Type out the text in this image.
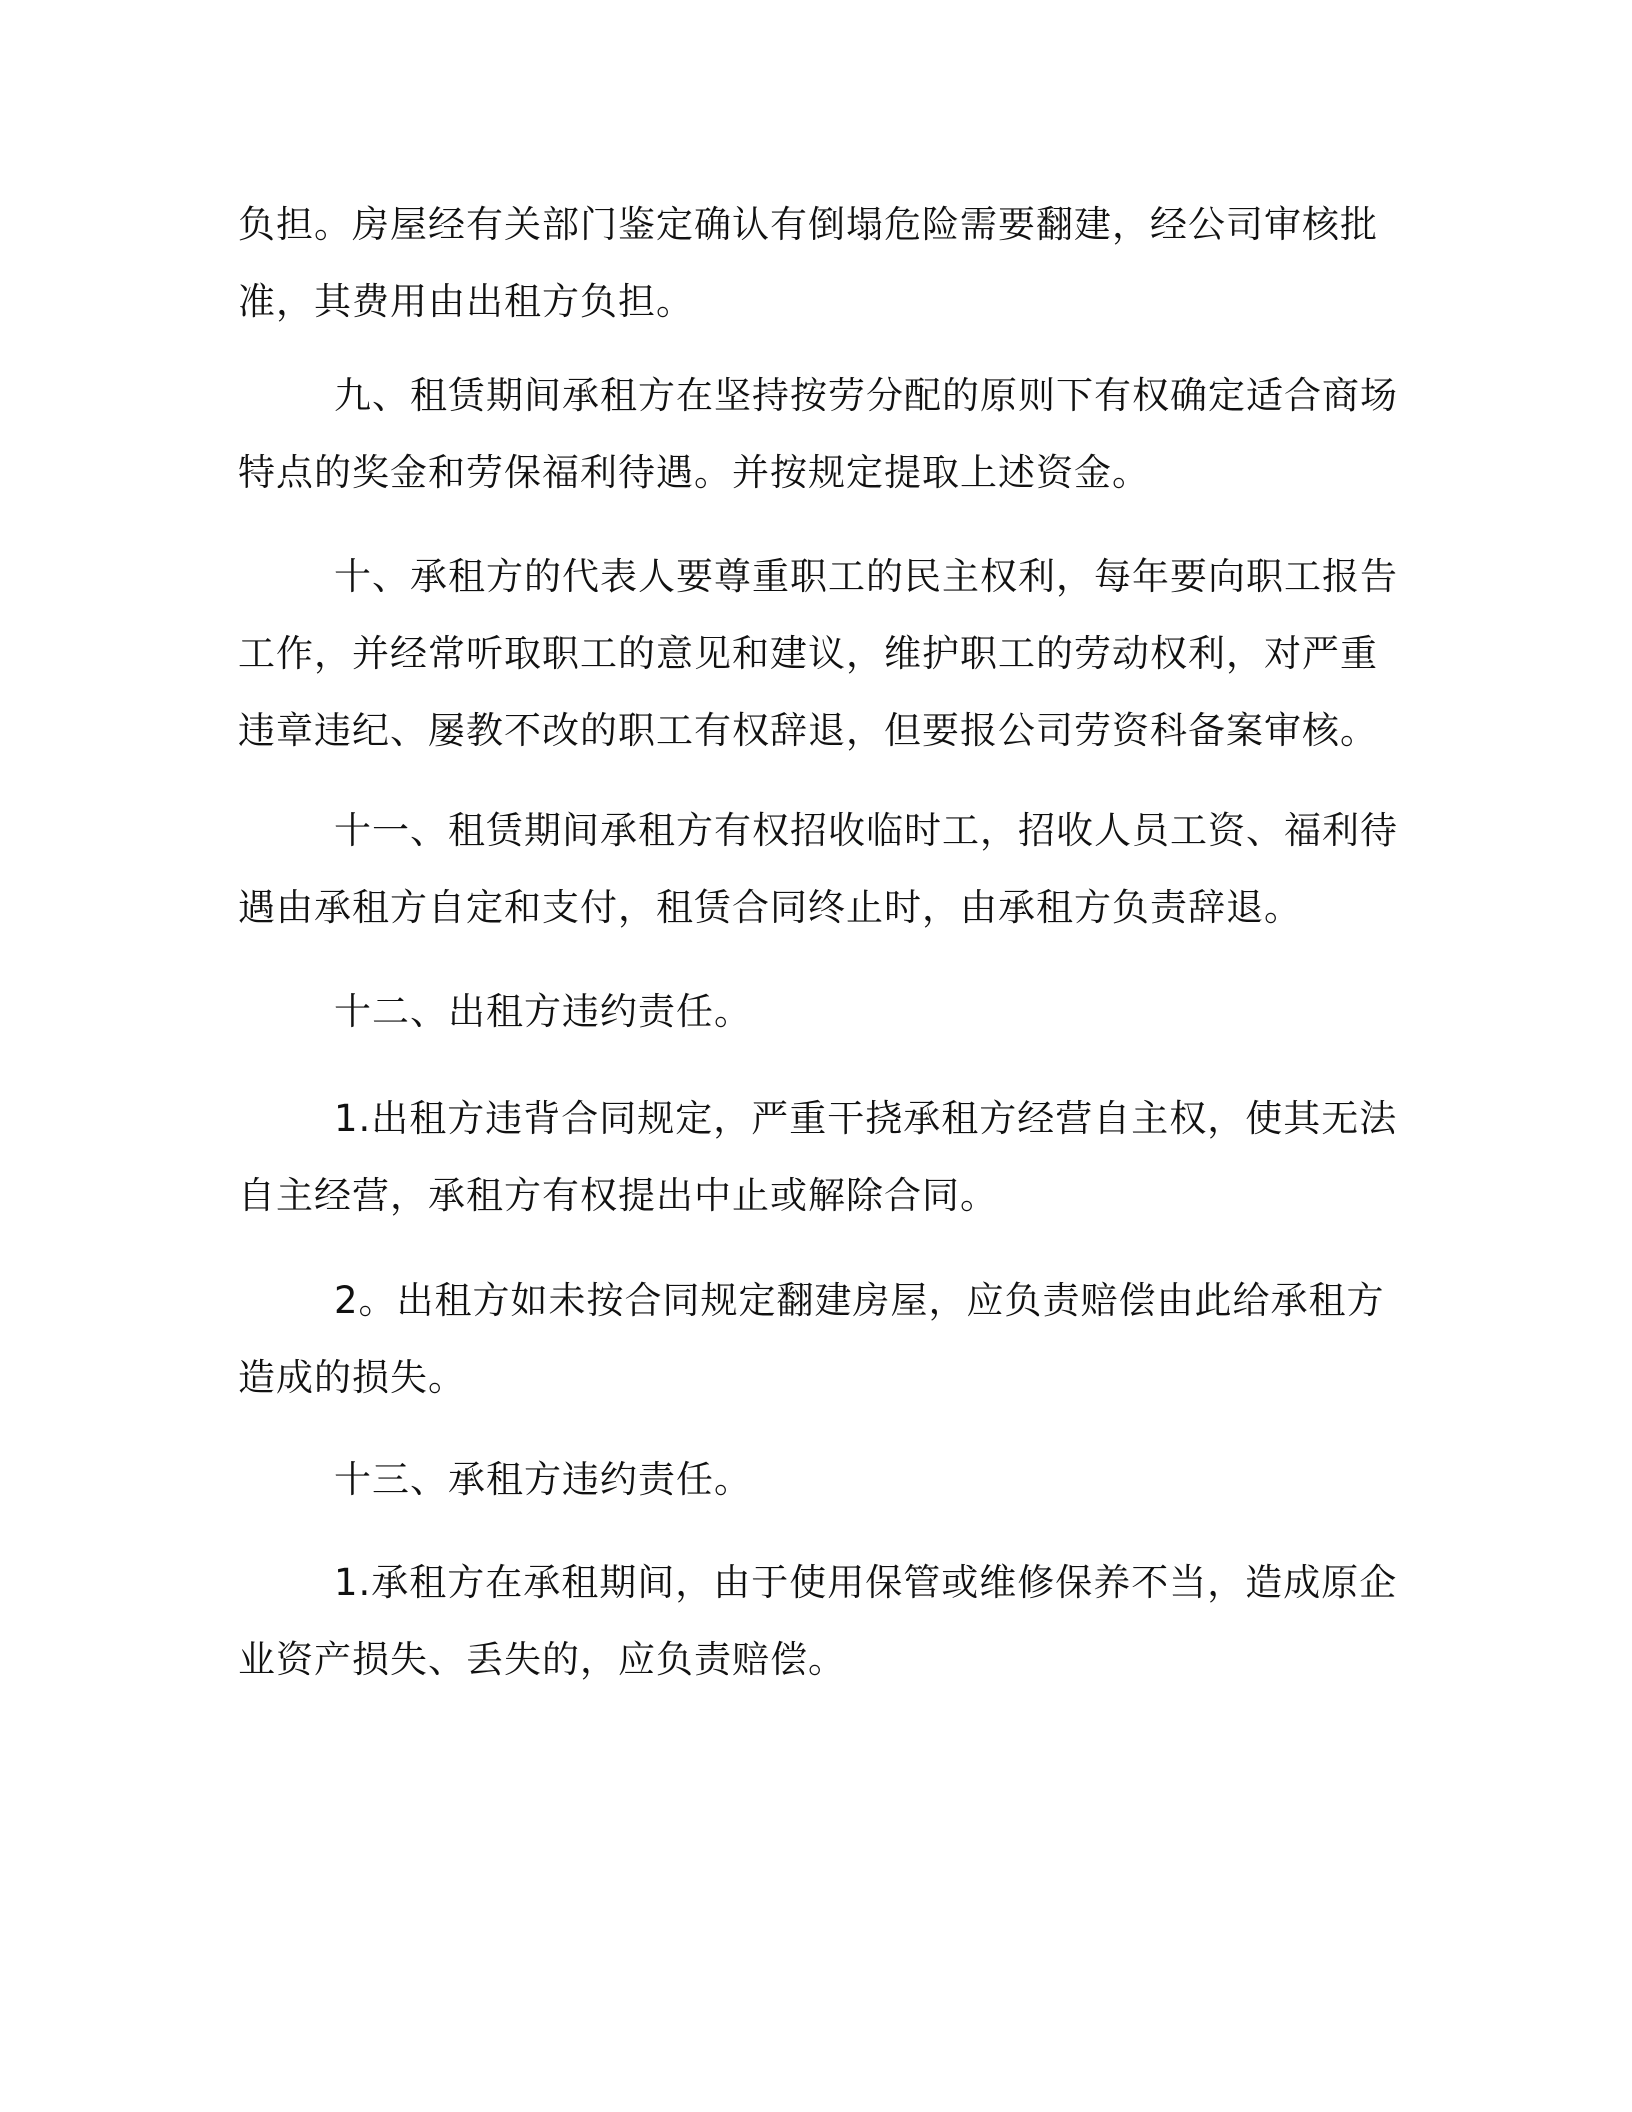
负担。房屋经有关部门鉴定确认有倒塌危险需要翻建，经公司审核批准，其费用由出租方负担。

九、租赁期间承租方在坚持按劳分配的原则下有权确定适合商场特点的奖金和劳保福利待遇。并按规定提取上述资金。

十、承租方的代表人要尊重职工的民主权利，每年要向职工报告工作，并经常听取职工的意见和建议，维护职工的劳动权利，对严重违章违纪、屡教不改的职工有权辞退，但要报公司劳资科备案审核。

十一、租赁期间承租方有权招收临时工，招收人员工资、福利待遇由承租方自定和支付，租赁合同终止时，由承租方负责辞退。

十二、出租方违约责任。

1.出租方违背合同规定，严重干挠承租方经营自主权，使其无法自主经营，承租方有权提出中止或解除合同。

2。出租方如未按合同规定翻建房屋，应负责赔偿由此给承租方造成的损失。

十三、承租方违约责任。

1.承租方在承租期间，由于使用保管或维修保养不当，造成原企业资产损失、丢失的，应负责赔偿。
